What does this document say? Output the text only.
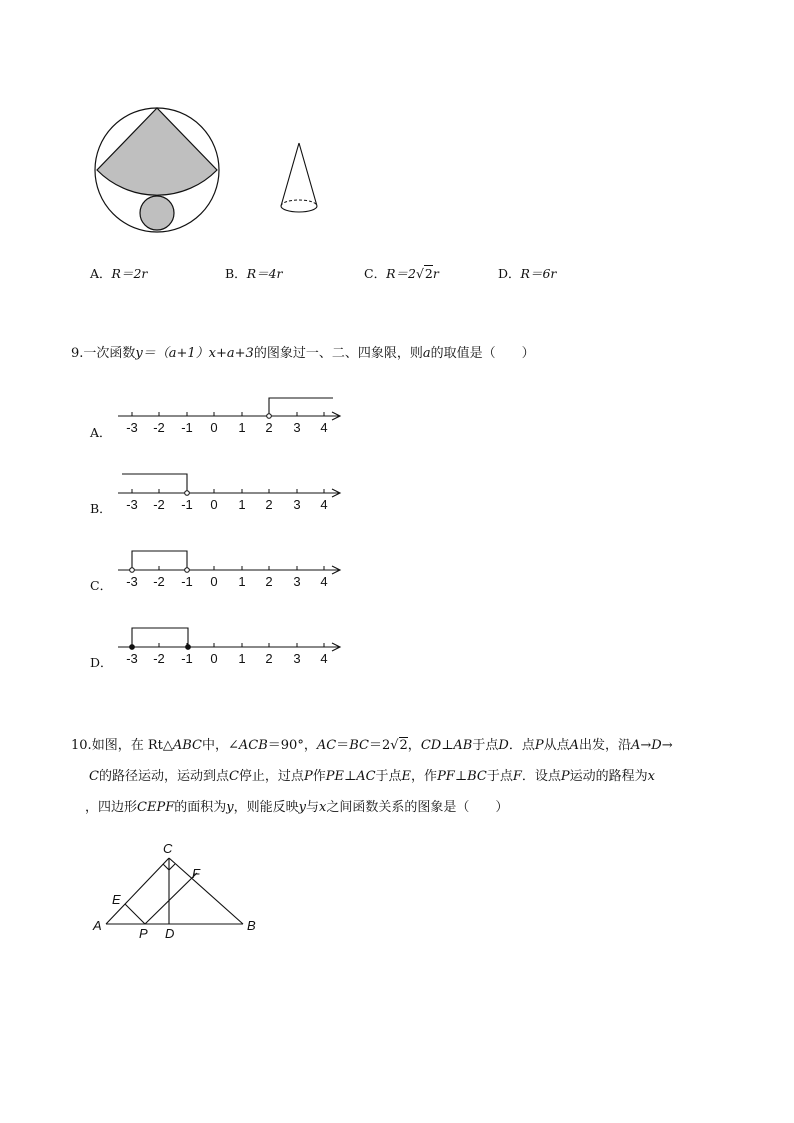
A．R＝2r	B．R＝4r	C．R＝2√2r	D．R＝6r
9.一次函数y＝（a+1）x+a+3的图象过一、二、四象限，则a的取值是（　　）
A．
B．
C．
D．
-3 -2 -1 0 1 2 3 4
-3 -2 -1 0 1 2 3 4
-3 -2 -1 0 1 2 3 4
-3 -2 -1 0 1 2 3 4
10.如图，在 Rt△ABC中，∠ACB＝90°，AC＝BC＝2√2，CD⊥AB于点D．点P从点A出发，沿A→D→
C的路径运动，运动到点C停止，过点P作PE⊥AC于点E，作PF⊥BC于点F．设点P运动的路程为x
，四边形CEPF的面积为y，则能反映y与x之间函数关系的图象是（　　）
C
F
E
A
P D
B
